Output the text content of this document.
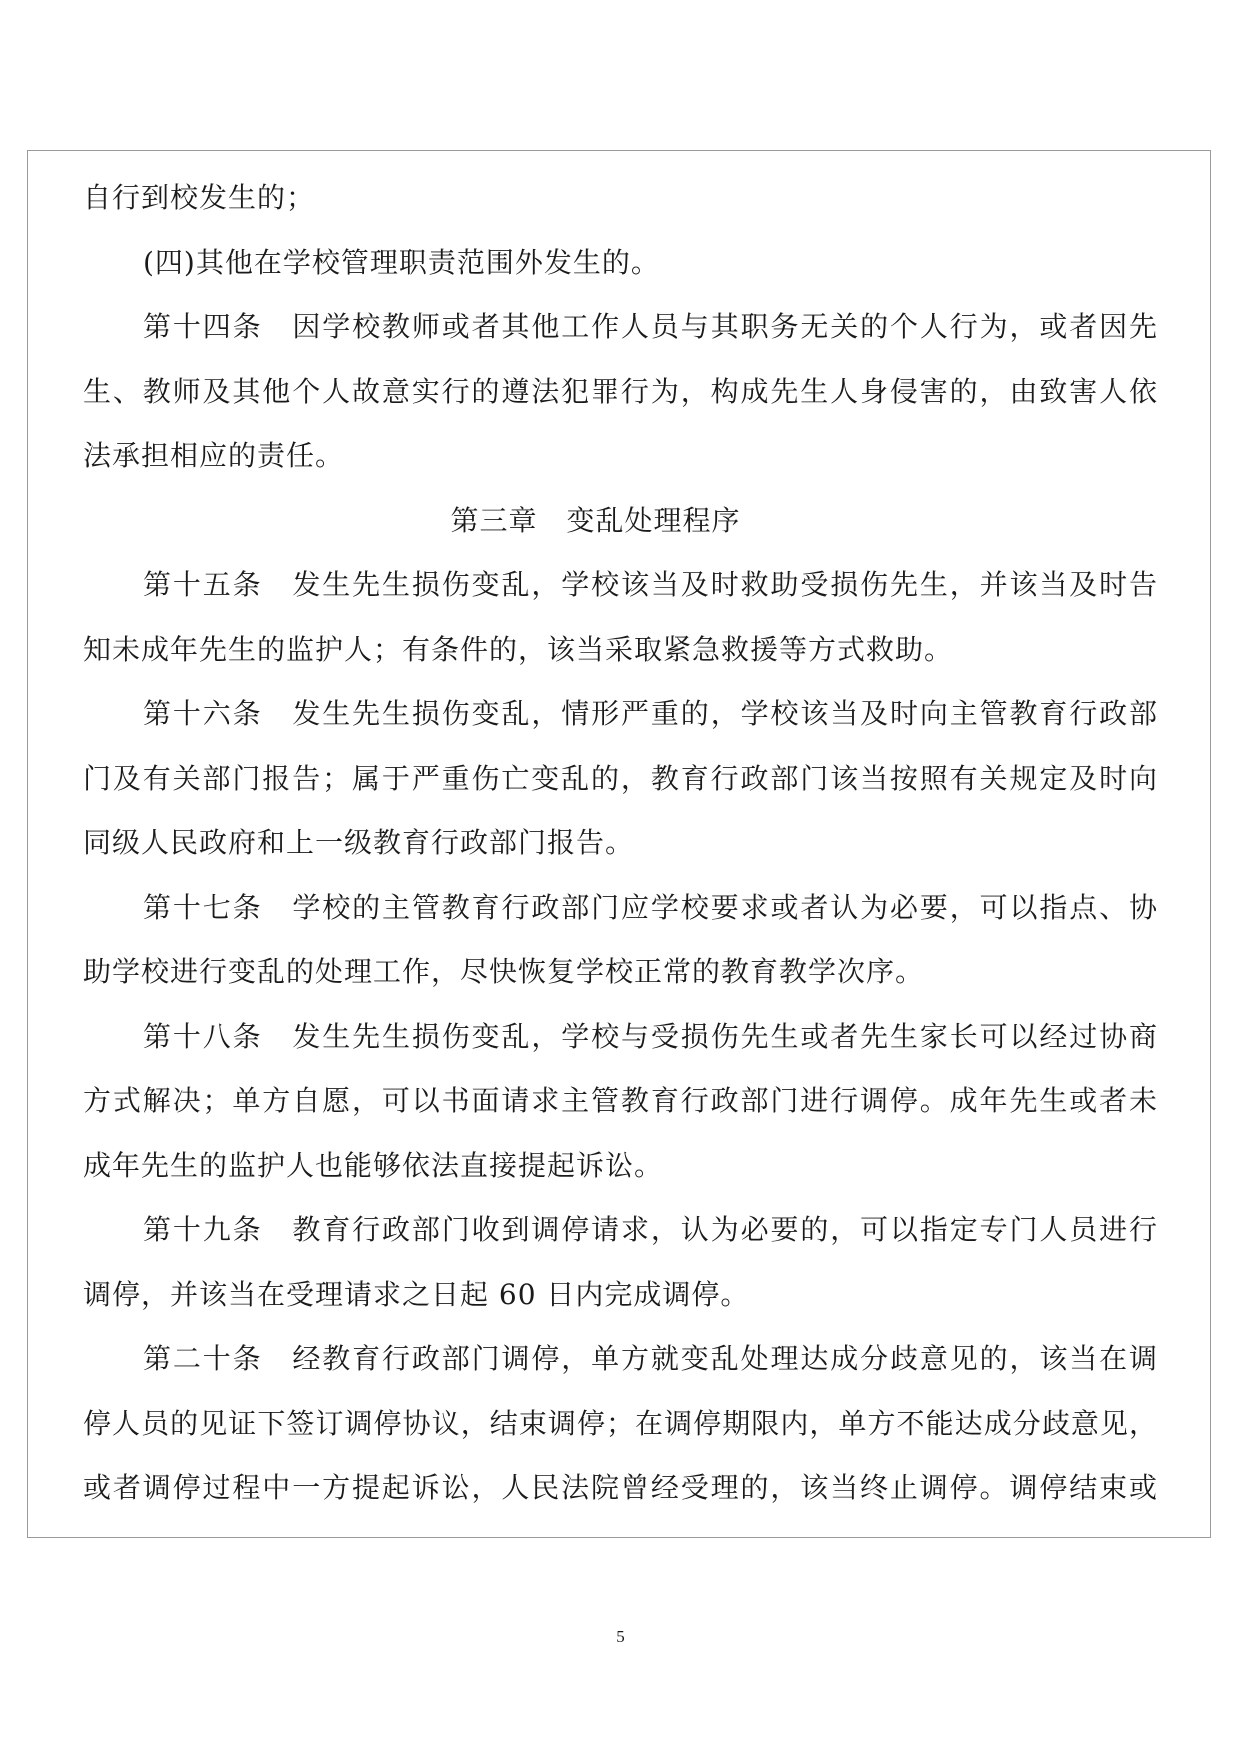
自行到校发生的；
(四)其他在学校管理职责范围外发生的。
第十四条　因学校教师或者其他工作人员与其职务无关的个人行为，或者因先
生、教师及其他个人故意实行的遵法犯罪行为，构成先生人身侵害的，由致害人依
法承担相应的责任。
第三章　变乱处理程序
第十五条　发生先生损伤变乱，学校该当及时救助受损伤先生，并该当及时告
知未成年先生的监护人；有条件的，该当采取紧急救援等方式救助。
第十六条　发生先生损伤变乱，情形严重的，学校该当及时向主管教育行政部
门及有关部门报告；属于严重伤亡变乱的，教育行政部门该当按照有关规定及时向
同级人民政府和上一级教育行政部门报告。
第十七条　学校的主管教育行政部门应学校要求或者认为必要，可以指点、协
助学校进行变乱的处理工作，尽快恢复学校正常的教育教学次序。
第十八条　发生先生损伤变乱，学校与受损伤先生或者先生家长可以经过协商
方式解决；单方自愿，可以书面请求主管教育行政部门进行调停。成年先生或者未
成年先生的监护人也能够依法直接提起诉讼。
第十九条　教育行政部门收到调停请求，认为必要的，可以指定专门人员进行
调停，并该当在受理请求之日起 60 日内完成调停。
第二十条　经教育行政部门调停，单方就变乱处理达成分歧意见的，该当在调
停人员的见证下签订调停协议，结束调停；在调停期限内，单方不能达成分歧意见，
或者调停过程中一方提起诉讼，人民法院曾经受理的，该当终止调停。调停结束或
5
